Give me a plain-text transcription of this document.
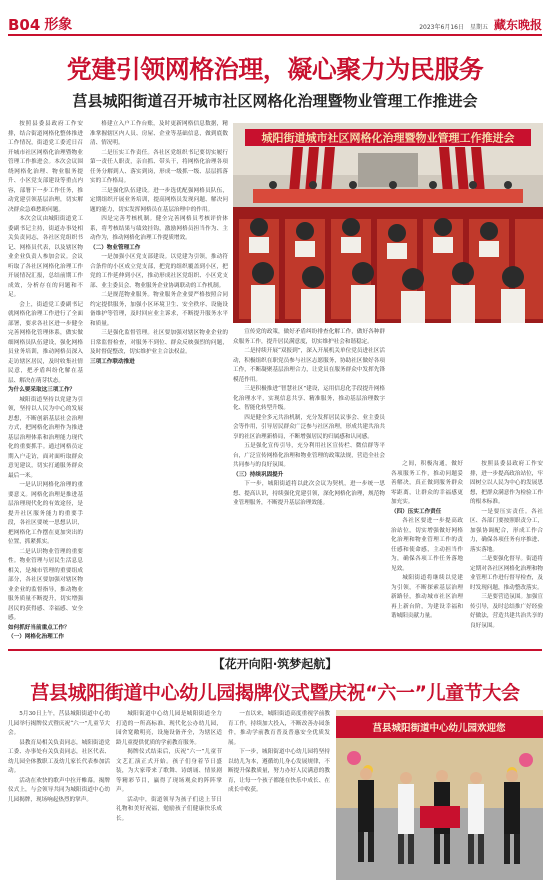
B04 形象	2023年6月16日 星期五 藏东晚报
党建引领网格治理，凝心聚力为民服务
莒县城阳街道召开城市社区网格化治理暨物业管理工作推进会

按照县委县政府工作安排，结合街道网格化整体推进工作情况，街道党工委近日召开城市社区网格化治理暨物业管理工作推进会。本次会议围绕网格化治理、物业服务提升、小区党支部建设等重点内容，部署下一步工作任务，推动党建引领基层治理，切实解决群众急难愁盼问题。

本次会议由城阳街道党工委副书记主持，街道办事处相关负责同志，各社区党组织书记、网格员代表，以及辖区物业企业负责人参加会议。会议听取了各社区网格化治理工作开展情况汇报，总结前期工作成效，分析存在的问题和不足。

会上，街道党工委副书记就网格化治理工作进行了全面部署，要求各社区进一步健全完善网格化管理体系，做实做细网格员队伍建设，强化网格员业务培训，推动网格员深入走访辖区居民，及时收集社情民意，把矛盾纠纷化解在基层、解决在萌芽状态。

为什么要采取这三项工作？

城阳街道坚持以党建为引领，坚持以人民为中心的发展思想，不断创新基层社会治理方式，把网格化治理作为推进基层治理体系和治理能力现代化的重要抓手。通过网格员定期入户走访，面对面听取群众意见建议，切实打通服务群众最后一米。

一是认识网格化治理的重要意义。网格化治理是推进基层治理现代化的有效途径，是提升社区服务能力的重要手段，各社区要统一思想认识，把网格化工作摆在更加突出的位置，抓紧抓实。

二是认识物业管理的重要性。物业管理与居民生活息息相关，是城市管理的重要组成部分，各社区要加强对辖区物业企业的监督指导，推动物业服务质量不断提升，切实增强居民的获得感、幸福感、安全感。

如何抓好当前重点工作？

（一）网格化治理工作

格建立入户工作台账，及时更新网格信息数据，精准掌握辖区内人员、房屋、企业等基础信息，做到底数清、情况明。

二是压实工作责任。各社区党组织书记要切实履行第一责任人职责，亲自抓、带头干，将网格化治理各项任务分解到人、落实到岗，形成一级抓一级、层层抓落实的工作格局。

三是强化队伍建设。进一步选优配强网格员队伍，定期组织开展业务培训，提高网格员发现问题、解决问题的能力，切实发挥网格员在基层治理中的作用。

四是完善考核机制。健全完善网格员考核评价体系，将考核结果与绩效挂钩，激励网格员担当作为、主动作为，推动网格化治理工作提质增效。

（二）物业管理工作

一是加强小区党支部建设。以党建为引领，推动符合条件的小区成立党支部，把党的组织覆盖到小区，把党的工作延伸到小区，推动形成社区党组织、小区党支部、业主委员会、物业服务企业协调联动的工作机制。

二是规范物业服务。物业服务企业要严格按照合同约定提供服务，加强小区环境卫生、安全秩序、设施设备维护等管理，及时回应业主诉求，不断提升服务水平和质量。

三是强化监督管理。社区要加强对辖区物业企业的日常监督检查，对服务不到位、群众反映强烈的问题，及时督促整改，切实维护业主合法权益。

三项工作联动推进

城阳街道城市社区网格化治理暨物业管理工作推进会

宣传党的政策，做好矛盾纠纷排查化解工作，做好各种群众服务工作，提升居民满意度，切实维护社会和谐稳定。

二是持续开展“双报到”，深入开展机关单位党员进社区活动，积极组织在职党员参与社区志愿服务，协助社区做好各项工作，不断凝聚基层治理合力，让党员在服务群众中发挥先锋模范作用。

三是积极推进“智慧社区”建设，运用信息化手段提升网格化治理水平，实现信息共享、精准服务，推动基层治理数字化、智能化转型升级。

四是健全多元共治机制，充分发挥居民议事会、业主委员会等作用，引导居民群众广泛参与社区治理，形成共建共治共享的社区治理新格局，不断增强居民的归属感和认同感。

五是强化宣传引导，充分利用社区宣传栏、微信群等平台，广泛宣传网格化治理和物业管理的政策法规，营造全社会共同参与的良好氛围。

（三）持续巩固提升

下一步，城阳街道将以此次会议为契机，进一步统一思想、提高认识，持续强化党建引领，深化网格化治理，规范物业管理服务，不断提升基层治理效能。

之间，积极沟通，做好各项服务工作，推动问题妥善解决，真正做到服务群众零距离，让群众的幸福感更加充实。

（四）压实工作责任

各社区要进一步提高政治站位，切实增强做好网格化治理和物业管理工作的责任感和使命感，主动担当作为，确保各项工作任务落地见效。

城阳街道将继续以党建为引领，不断探索基层治理新路径，推动城市社区治理再上新台阶，为建设幸福和谐城阳贡献力量。

按照县委县政府工作安排，进一步提高政治站位，牢固树立以人民为中心的发展思想，把群众满意作为检验工作的根本标准。

一是要压实责任。各社区、各部门要按照职责分工，加强协调配合，形成工作合力，确保各项任务有序推进、落实落地。

二是要强化督导。街道将定期对各社区网格化治理和物业管理工作进行督导检查，及时发现问题，推动整改落实。

三是要营造氛围。加强宣传引导，及时总结推广好经验好做法，营造共建共治共享的良好氛围。

【花开向阳·筑梦起航】
莒县城阳街道中心幼儿园揭牌仪式暨庆祝“六一”儿童节大会

5月30日上午，莒县城阳街道中心幼儿园举行揭牌仪式暨庆祝“六一”儿童节大会。

县教育局相关负责同志，城阳街道党工委、办事处有关负责同志，社区代表、幼儿园全体教职工及幼儿家长代表参加活动。

活动在欢快的歌声中拉开帷幕。揭牌仪式上，与会领导共同为城阳街道中心幼儿园揭牌，现场响起热烈的掌声。

城阳街道中心幼儿园是城阳街道全力打造的一所高标准、现代化公办幼儿园，园舍宽敞明亮，设施设备齐全，为辖区适龄儿童提供优质的学前教育服务。

揭牌仪式结束后，庆祝“六一”儿童节文艺汇演正式开始。孩子们身着节日盛装，为大家带来了歌舞、诗朗诵、情景剧等精彩节目，赢得了现场观众的阵阵掌声。

活动中，街道领导为孩子们送上节日礼物和美好祝福，勉励孩子们健康快乐成长。

一直以来，城阳街道高度重视学前教育工作，持续加大投入，不断改善办园条件，推动学前教育普及普惠安全优质发展。

下一步，城阳街道中心幼儿园将坚持以幼儿为本，遵循幼儿身心发展规律，不断提升保教质量，努力办好人民满意的教育，让每一个孩子都能在快乐中成长、在成长中收获。

莒县城阳街道中心幼儿园欢迎您
